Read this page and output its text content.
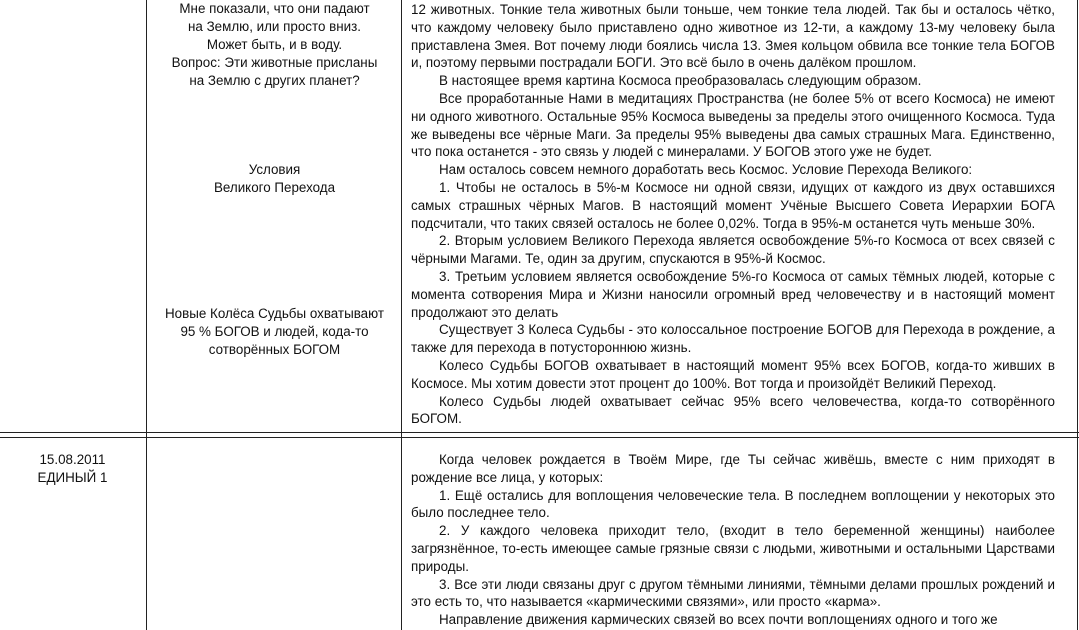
Мне показали, что они падают
на Землю, или просто вниз.
Может быть, и в воду.
Вопрос: Эти животные присланы
на Землю с других планет?
Условия
Великого Перехода
Новые Колёса Судьбы охватывают
95 % БОГОВ и людей, кода-то
сотворённых БОГОМ

12 животных. Тонкие тела животных были тоньше, чем тонкие тела людей. Так бы и осталось чётко, что каждому человеку было приставлено одно животное из 12-ти, а каждому 13-му человеку была приставлена Змея. Вот почему люди боялись числа 13. Змея кольцом обвила все тонкие тела БОГОВ и, поэтому первыми пострадали БОГИ. Это всё было в очень далёком прошлом.

В настоящее время картина Космоса преобразовалась следующим образом.

Все проработанные Нами в медитациях Пространства (не более 5% от всего Космоса) не имеют ни одного животного. Остальные 95% Космоса выведены за пределы этого очищенного Космоса. Туда же выведены все чёрные Маги. За пределы 95% выведены два самых страшных Мага. Единственно, что пока останется - это связь у людей с минералами. У БОГОВ этого уже не будет.

Нам осталось совсем немного доработать весь Космос. Условие Перехода Великого:

1. Чтобы не осталось в 5%-м Космосе ни одной связи, идущих от каждого из двух оставшихся самых страшных чёрных Магов. В настоящий момент Учёные Высшего Совета Иерархии БОГА подсчитали, что таких связей осталось не более 0,02%. Тогда в 95%-м останется чуть меньше 30%.

2. Вторым условием Великого Перехода является освобождение 5%-го Космоса от всех связей с чёрными Магами. Те, один за другим, спускаются в 95%-й Космос.

3. Третьим условием является освобождение 5%-го Космоса от самых тёмных людей, которые с момента сотворения Мира и Жизни наносили огромный вред человечеству и в настоящий момент продолжают это делать

Существует 3 Колеса Судьбы - это колоссальное построение БОГОВ для Перехода в рождение, а также для перехода в потустороннюю жизнь.

Колесо Судьбы БОГОВ охватывает в настоящий момент 95% всех БОГОВ, когда-то живших в Космосе. Мы хотим довести этот процент до 100%. Вот тогда и произойдёт Великий Переход.

Колесо Судьбы людей охватывает сейчас 95% всего человечества, когда-то сотворённого БОГОМ.

15.08.2011
ЕДИНЫЙ 1

Когда человек рождается в Твоём Мире, где Ты сейчас живёшь, вместе с ним приходят в рождение все лица, у которых:

1. Ещё остались для воплощения человеческие тела. В последнем воплощении у некоторых это было последнее тело.

2. У каждого человека приходит тело, (входит в тело беременной женщины) наиболее загрязнённое, то-есть имеющее самые грязные связи с людьми, животными и остальными Царствами природы.

3. Все эти люди связаны друг с другом тёмными линиями, тёмными делами прошлых рождений и это есть то, что называется «кармическими связями», или просто «карма».

Направление движения кармических связей во всех почти воплощениях одного и того же
